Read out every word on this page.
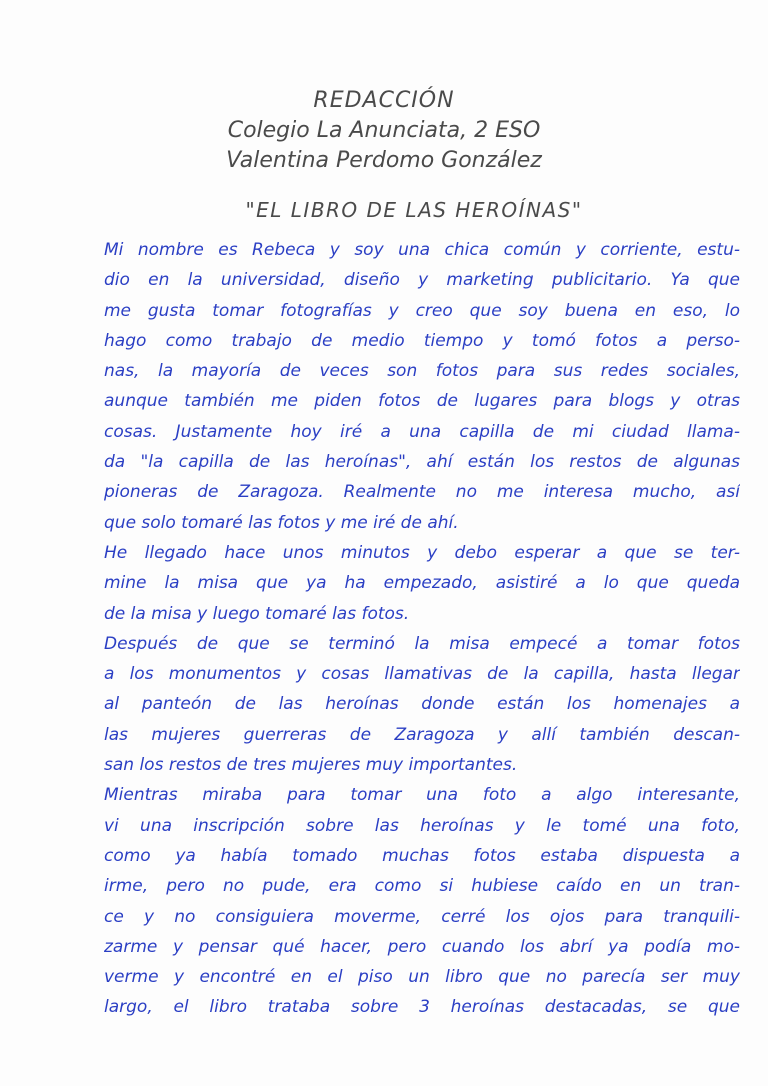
REDACCIÓN
Colegio La Anunciata, 2 ESO
Valentina Perdomo González
"EL LIBRO DE LAS HEROÍNAS"
Mi nombre es Rebeca y soy una chica común y corriente, estu-
dio en la universidad, diseño y marketing publicitario. Ya que
me gusta tomar fotografías y creo que soy buena en eso, lo
hago como trabajo de medio tiempo y tomó fotos a perso-
nas, la mayoría de veces son fotos para sus redes sociales,
aunque también me piden fotos de lugares para blogs y otras
cosas. Justamente hoy iré a una capilla de mi ciudad llama-
da "la capilla de las heroínas", ahí están los restos de algunas
pioneras de Zaragoza. Realmente no me interesa mucho, así
que solo tomaré las fotos y me iré de ahí.
He llegado hace unos minutos y debo esperar a que se ter-
mine la misa que ya ha empezado, asistiré a lo que queda
de la misa y luego tomaré las fotos.
Después de que se terminó la misa empecé a tomar fotos
a los monumentos y cosas llamativas de la capilla, hasta llegar
al panteón de las heroínas donde están los homenajes a
las mujeres guerreras de Zaragoza y allí también descan-
san los restos de tres mujeres muy importantes.
Mientras miraba para tomar una foto a algo interesante,
vi una inscripción sobre las heroínas y le tomé una foto,
como ya había tomado muchas fotos estaba dispuesta a
irme, pero no pude, era como si hubiese caído en un tran-
ce y no consiguiera moverme, cerré los ojos para tranquili-
zarme y pensar qué hacer, pero cuando los abrí ya podía mo-
verme y encontré en el piso un libro que no parecía ser muy
largo, el libro trataba sobre 3 heroínas destacadas, se que
